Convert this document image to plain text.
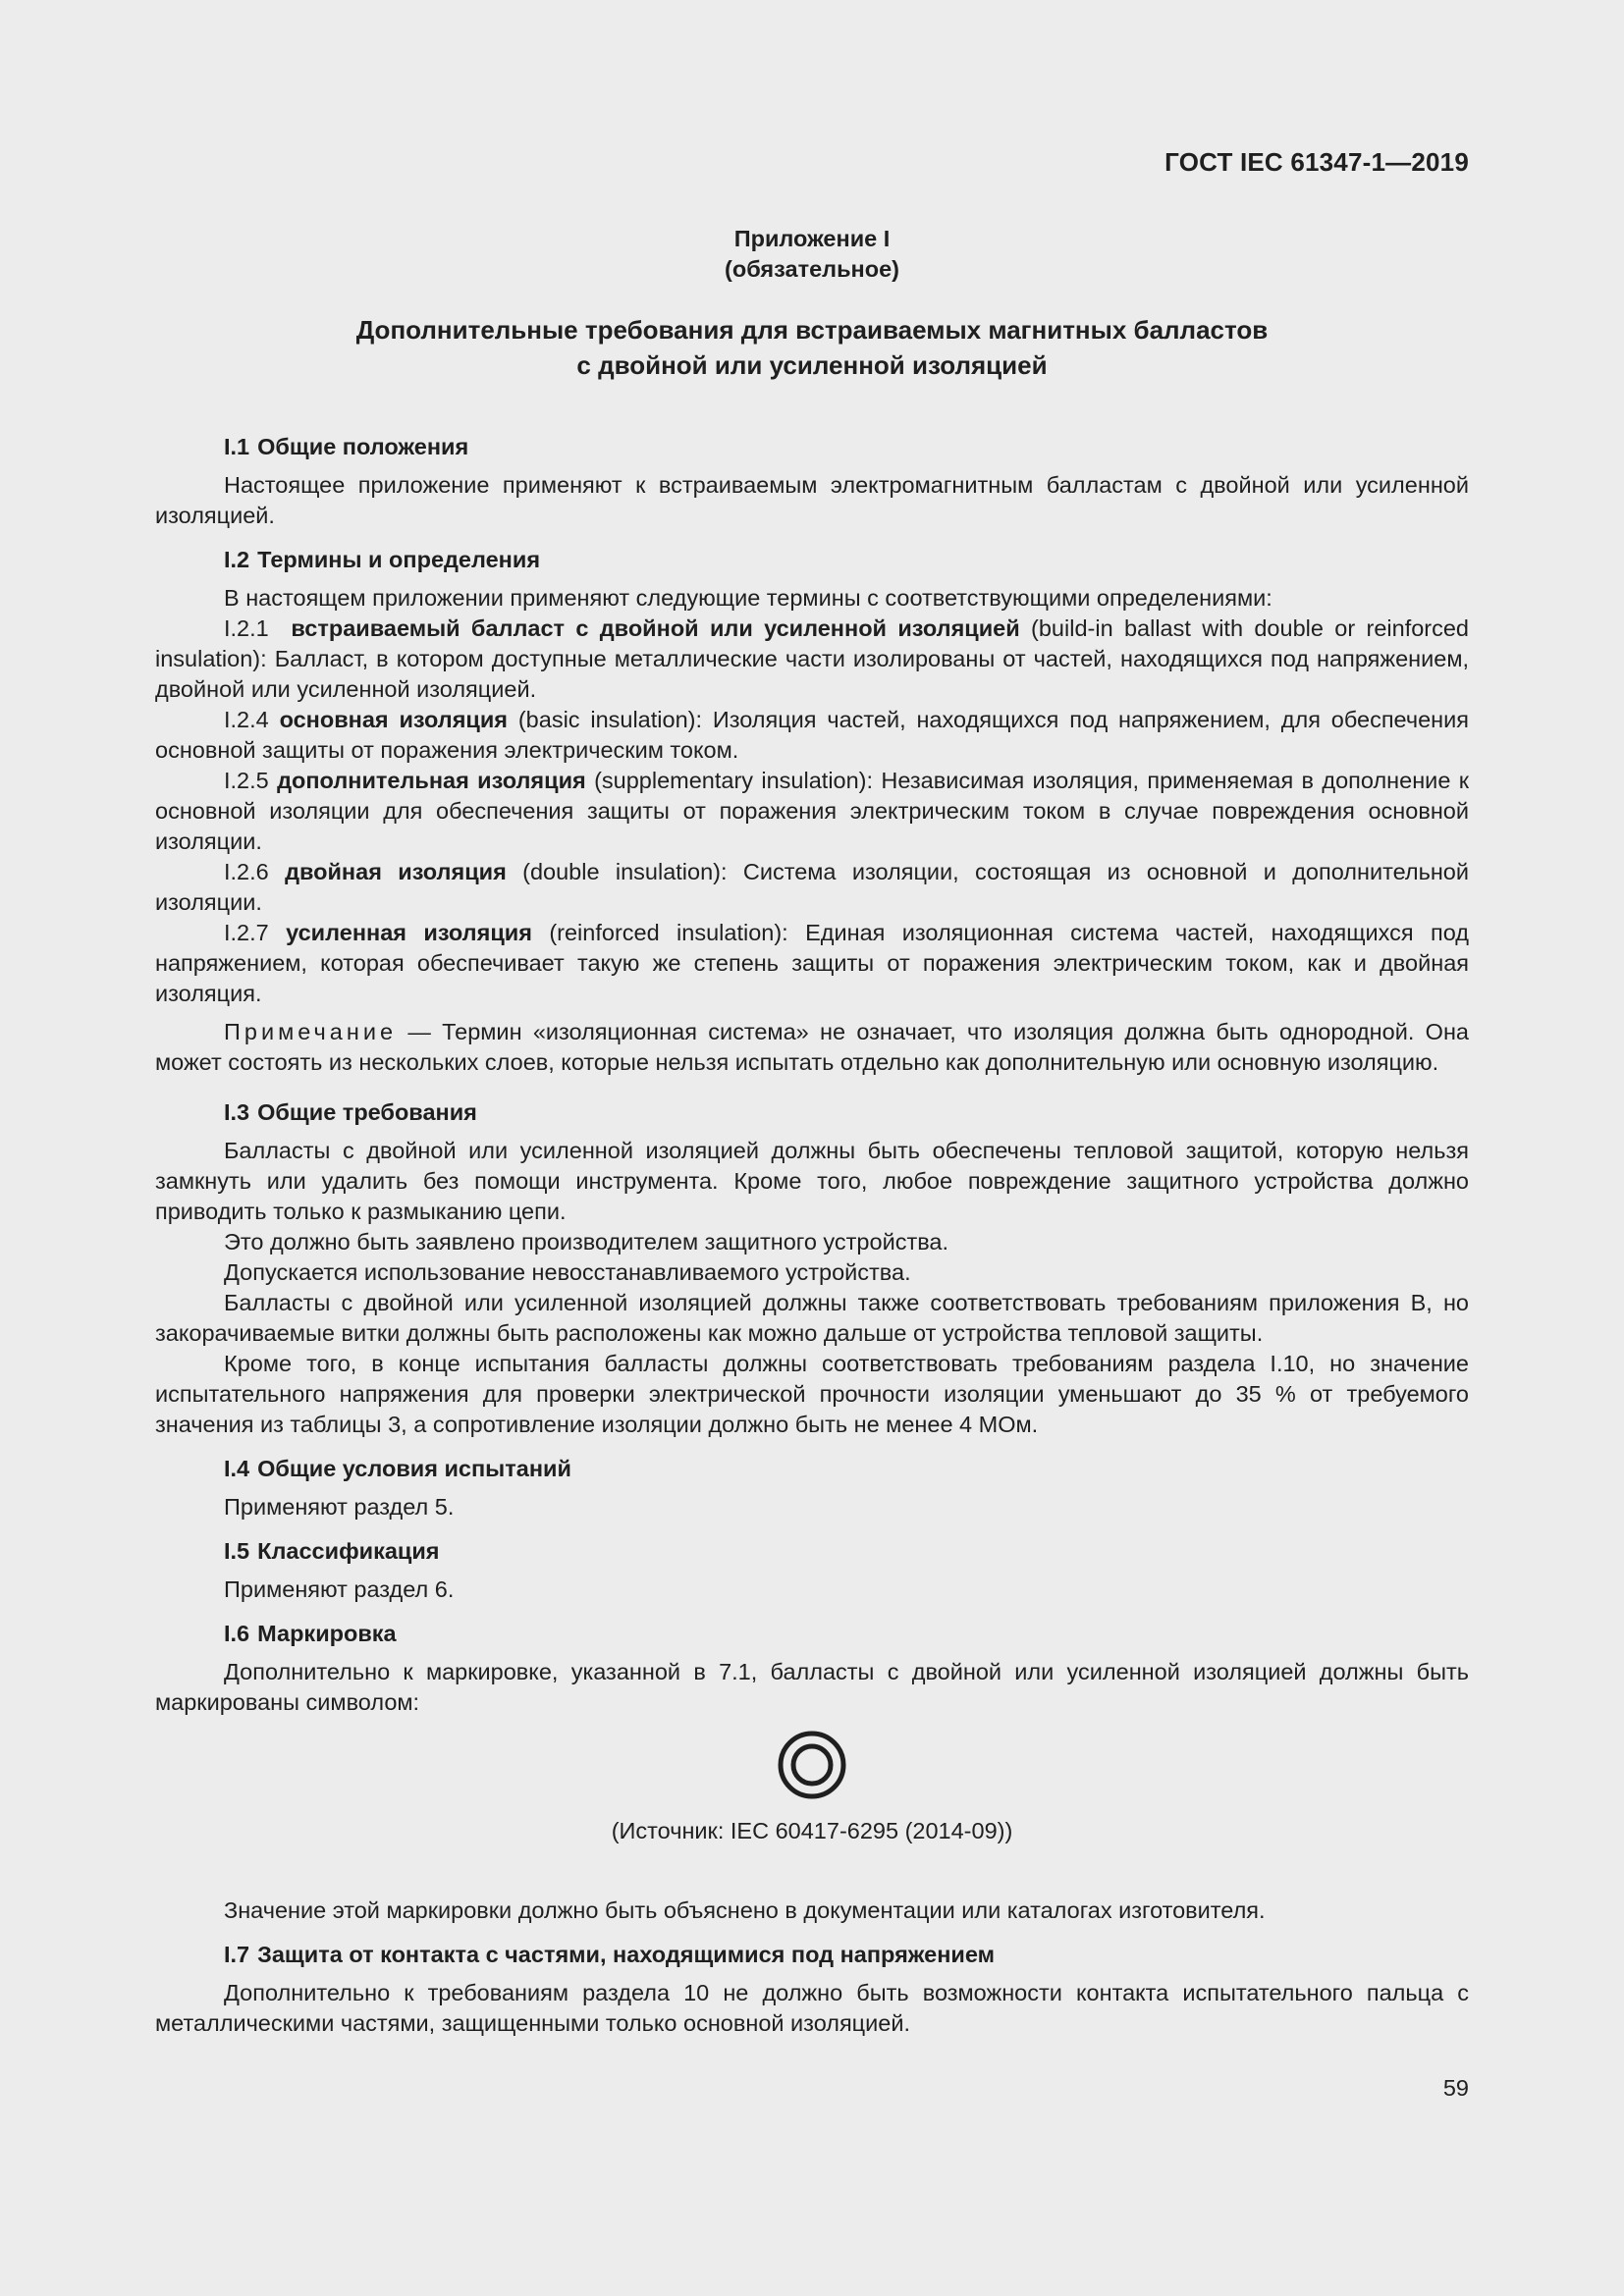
ГОСТ IEC 61347-1—2019
Приложение I
(обязательное)
Дополнительные требования для встраиваемых магнитных балластов
с двойной или усиленной изоляцией
I.1 Общие положения

Настоящее приложение применяют к встраиваемым электромагнитным балластам с двойной или усиленной изоляцией.

I.2 Термины и определения

В настоящем приложении применяют следующие термины с соответствующими определениями:

I.2.1 встраиваемый балласт с двойной или усиленной изоляцией (build-in ballast with double or reinforced insulation): Балласт, в котором доступные металлические части изолированы от частей, находящихся под напряжением, двойной или усиленной изоляцией.

I.2.4 основная изоляция (basic insulation): Изоляция частей, находящихся под напряжением, для обеспечения основной защиты от поражения электрическим током.

I.2.5 дополнительная изоляция (supplementary insulation): Независимая изоляция, применяемая в дополнение к основной изоляции для обеспечения защиты от поражения электрическим током в случае повреждения основной изоляции.

I.2.6 двойная изоляция (double insulation): Система изоляции, состоящая из основной и дополнительной изоляции.

I.2.7 усиленная изоляция (reinforced insulation): Единая изоляционная система частей, находящихся под напряжением, которая обеспечивает такую же степень защиты от поражения электрическим током, как и двойная изоляция.

Примечание — Термин «изоляционная система» не означает, что изоляция должна быть однородной. Она может состоять из нескольких слоев, которые нельзя испытать отдельно как дополнительную или основную изоляцию.

I.3 Общие требования

Балласты с двойной или усиленной изоляцией должны быть обеспечены тепловой защитой, которую нельзя замкнуть или удалить без помощи инструмента. Кроме того, любое повреждение защитного устройства должно приводить только к размыканию цепи.

Это должно быть заявлено производителем защитного устройства.

Допускается использование невосстанавливаемого устройства.

Балласты с двойной или усиленной изоляцией должны также соответствовать требованиям приложения B, но закорачиваемые витки должны быть расположены как можно дальше от устройства тепловой защиты.

Кроме того, в конце испытания балласты должны соответствовать требованиям раздела I.10, но значение испытательного напряжения для проверки электрической прочности изоляции уменьшают до 35 % от требуемого значения из таблицы 3, а сопротивление изоляции должно быть не менее 4 МОм.

I.4 Общие условия испытаний

Применяют раздел 5.

I.5 Классификация

Применяют раздел 6.

I.6 Маркировка

Дополнительно к маркировке, указанной в 7.1, балласты с двойной или усиленной изоляцией должны быть маркированы символом:

(Источник: IEC 60417-6295 (2014-09))

Значение этой маркировки должно быть объяснено в документации или каталогах изготовителя.

I.7 Защита от контакта с частями, находящимися под напряжением

Дополнительно к требованиям раздела 10 не должно быть возможности контакта испытательного пальца с металлическими частями, защищенными только основной изоляцией.

59
